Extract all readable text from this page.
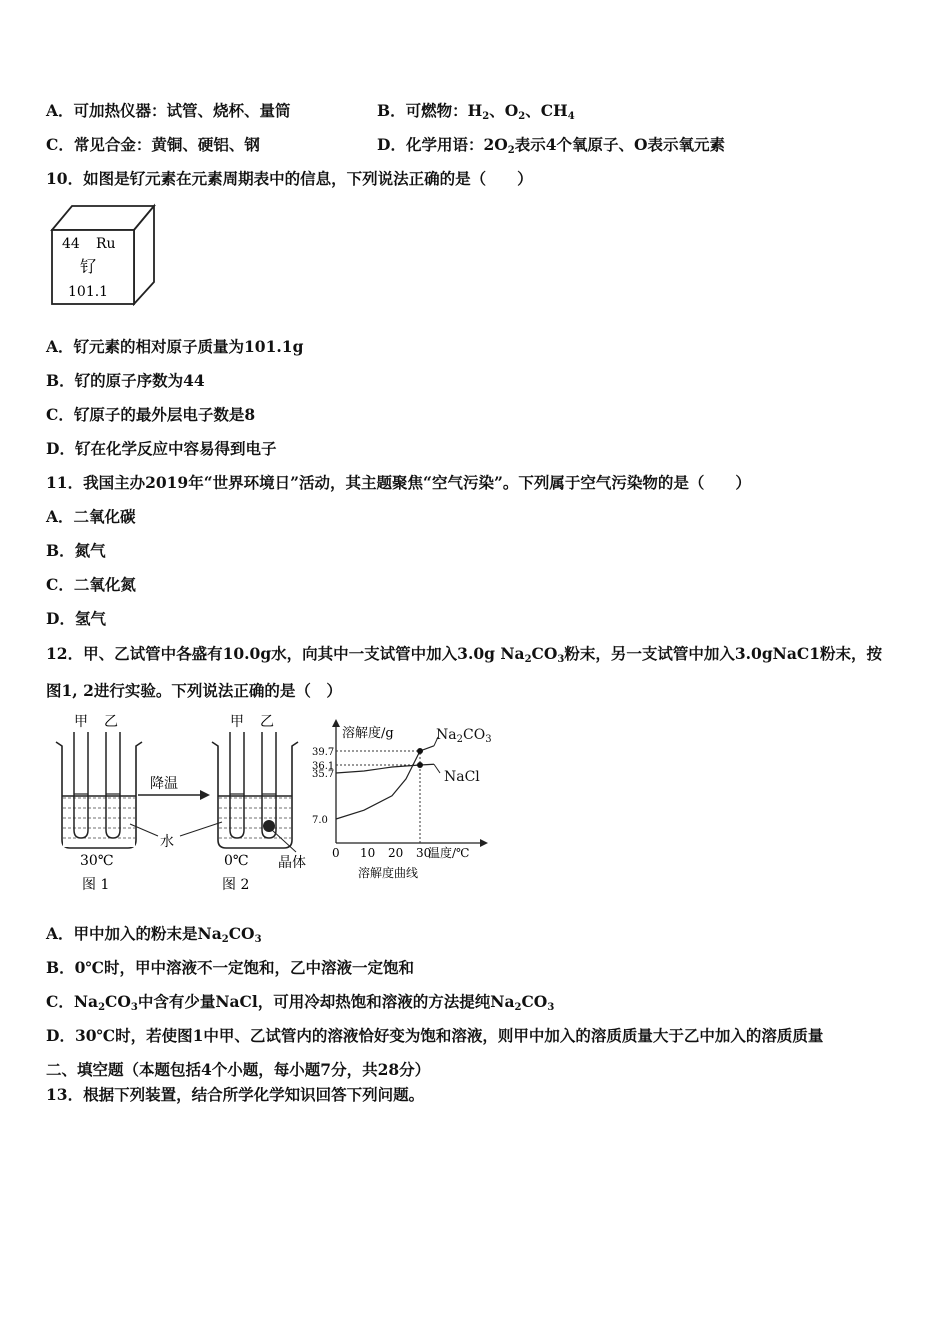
A．可加热仪器：试管、烧杯、量筒	B．可燃物：$H_2$、$O_2$、$CH_4$
C．常见合金：黄铜、硬铝、钢	D．化学用语：$2O_2$表示4个氧原子、O表示氧元素
10．如图是钌元素在元素周期表中的信息，下列说法正确的是（　　）
44 Ru
钌
101.1
A．钌元素的相对原子质量为101.1g
B．钌的原子序数为44
C．钌原子的最外层电子数是8
D．钌在化学反应中容易得到电子
11．我国主办2019年“世界环境日”活动，其主题聚焦“空气污染”。下列属于空气污染物的是（　　）
A．二氧化碳
B．氮气
C．二氧化氮
D．氢气
12．甲、乙试管中各盛有10.0g水，向其中一支试管中加入3.0g $Na_2CO_3$粉末，另一支试管中加入3.0gNaC1粉末，按
图1, 2进行实验。下列说法正确的是（　）
甲 乙
降温
甲 乙
水
晶体
30℃	0℃
图 1	图 2
溶解度/g
温度/℃
溶解度曲线
0 10 20 30
7.0
35.7
36.1
39.7
$Na_2CO_3$
NaCl
A．甲中加入的粉末是$Na_2CO_3$
B．0℃时，甲中溶液不一定饱和，乙中溶液一定饱和
C．$Na_2CO_3$中含有少量NaCl，可用冷却热饱和溶液的方法提纯$Na_2CO_3$
D．30℃时，若使图1中甲、乙试管内的溶液恰好变为饱和溶液，则甲中加入的溶质质量大于乙中加入的溶质质量
二、填空题（本题包括4个小题，每小题7分，共28分）
13．根据下列装置，结合所学化学知识回答下列问题。
